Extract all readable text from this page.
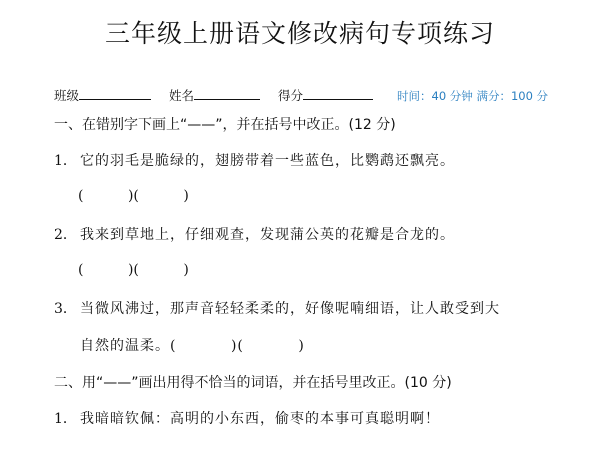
三年级上册语文修改病句专项练习
班级	姓名	得分	时间：40 分钟 满分：100 分
一、在错别字下画上“——”，并在括号中改正。(12 分)
1． 它的羽毛是脆绿的，翅膀带着一些蓝色，比鹦鹉还飘亮。
(          )(          )
2． 我来到草地上，仔细观查，发现蒲公英的花瓣是合龙的。
(          )(          )
3． 当微风沸过，那声音轻轻柔柔的，好像呢喃细语，让人敢受到大
自然的温柔。(          )(          )
二、用“——”画出用得不恰当的词语，并在括号里改正。(10 分)
1． 我暗暗钦佩：高明的小东西，偷枣的本事可真聪明啊！
